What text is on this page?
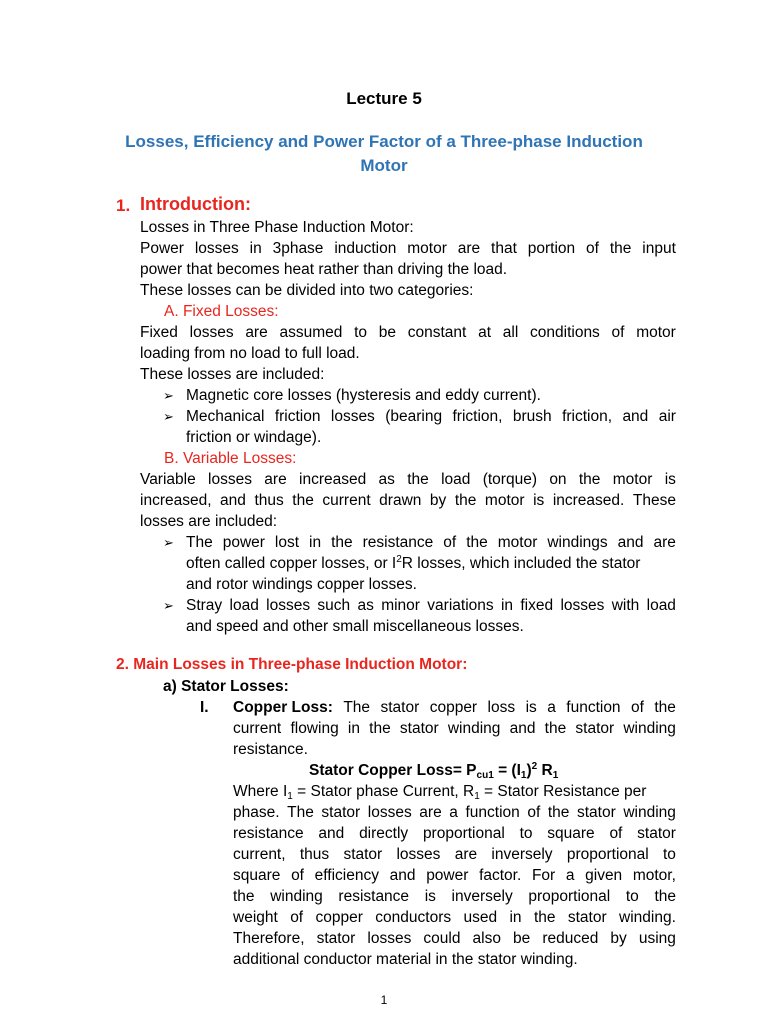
Lecture 5
Losses, Efficiency and Power Factor of a Three-phase Induction
Motor
1. Introduction:
Losses in Three Phase Induction Motor:
Power losses in 3phase induction motor are that portion of the input
power that becomes heat rather than driving the load.
These losses can be divided into two categories:
A. Fixed Losses:
Fixed losses are assumed to be constant at all conditions of motor
loading from no load to full load.
These losses are included:
➢ Magnetic core losses (hysteresis and eddy current).
➢ Mechanical friction losses (bearing friction, brush friction, and air
friction or windage).
B. Variable Losses:
Variable losses are increased as the load (torque) on the motor is
increased, and thus the current drawn by the motor is increased. These
losses are included:
➢ The power lost in the resistance of the motor windings and are
often called copper losses, or $I^2R$ losses, which included the stator
and rotor windings copper losses.
➢ Stray load losses such as minor variations in fixed losses with load
and speed and other small miscellaneous losses.
2. Main Losses in Three-phase Induction Motor:
a) Stator Losses:
I. Copper Loss: The stator copper loss is a function of the
current flowing in the stator winding and the stator winding
resistance.
Stator Copper Loss= $P_{cu1} = (I_1)^2$ $R_1$
Where $I_1$ = Stator phase Current, $R_1$ = Stator Resistance per
phase. The stator losses are a function of the stator winding
resistance and directly proportional to square of stator
current, thus stator losses are inversely proportional to
square of efficiency and power factor. For a given motor,
the winding resistance is inversely proportional to the
weight of copper conductors used in the stator winding.
Therefore, stator losses could also be reduced by using
additional conductor material in the stator winding.
1
